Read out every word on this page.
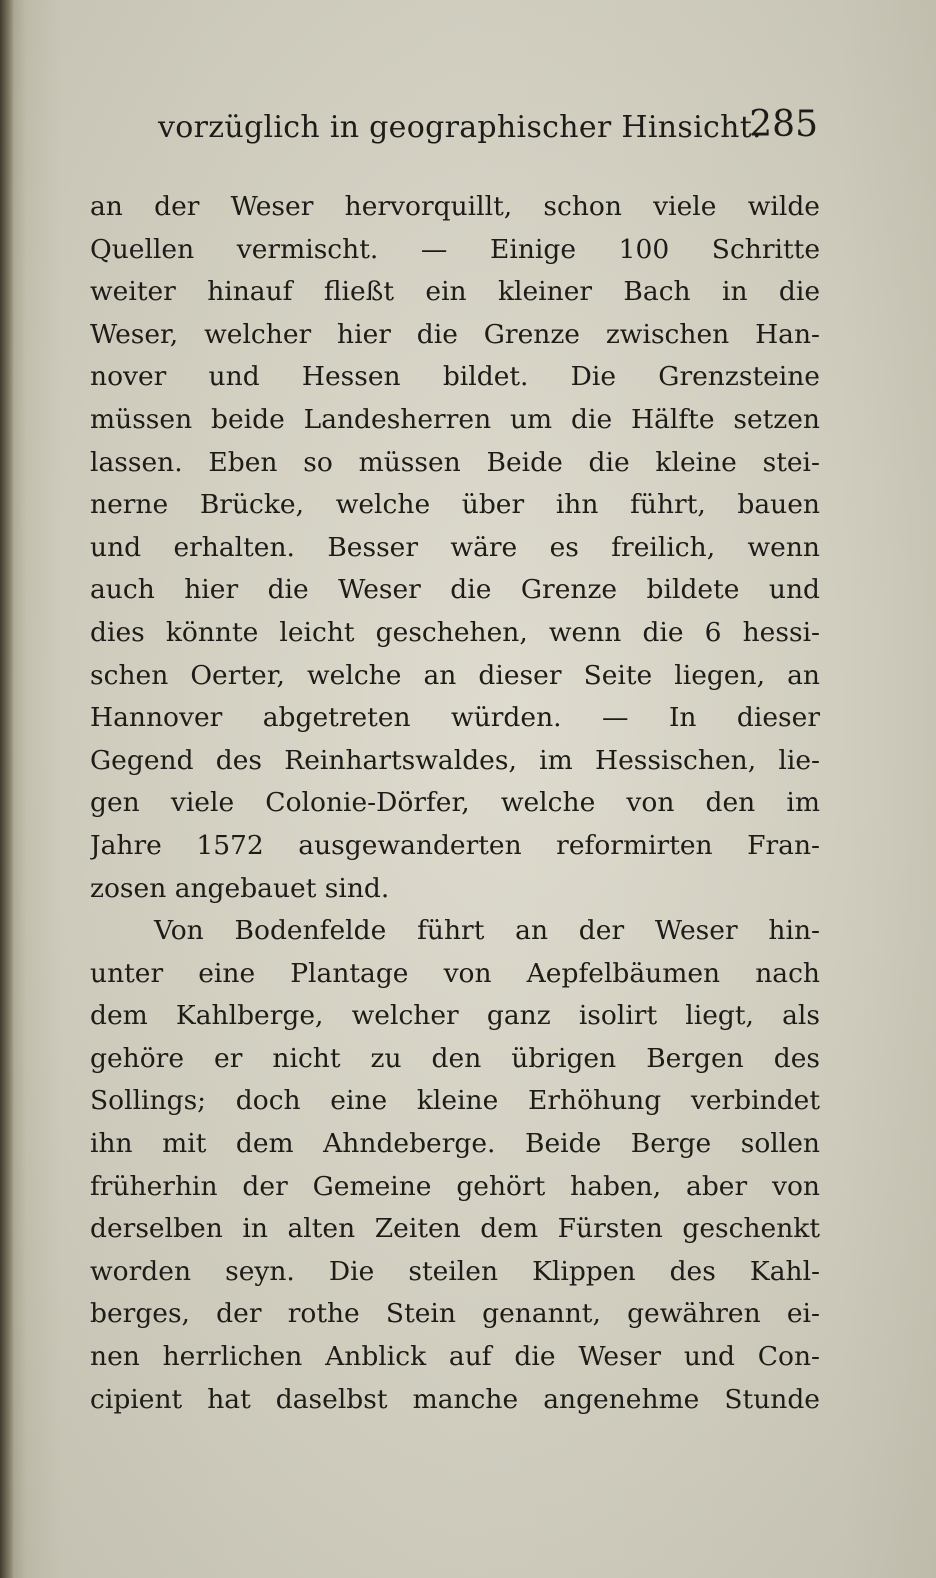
vorzüglich in geographischer Hinsicht.
285
an der Weser hervorquillt, schon viele wilde
Quellen vermischt. — Einige 100 Schritte
weiter hinauf fließt ein kleiner Bach in die
Weser, welcher hier die Grenze zwischen Han-
nover und Hessen bildet. Die Grenzsteine
müssen beide Landesherren um die Hälfte setzen
lassen. Eben so müssen Beide die kleine stei-
nerne Brücke, welche über ihn führt, bauen
und erhalten. Besser wäre es freilich, wenn
auch hier die Weser die Grenze bildete und
dies könnte leicht geschehen, wenn die 6 hessi-
schen Oerter, welche an dieser Seite liegen, an
Hannover abgetreten würden. — In dieser
Gegend des Reinhartswaldes, im Hessischen, lie-
gen viele Colonie-Dörfer, welche von den im
Jahre 1572 ausgewanderten reformirten Fran-
zosen angebauet sind.
Von Bodenfelde führt an der Weser hin-
unter eine Plantage von Aepfelbäumen nach
dem Kahlberge, welcher ganz isolirt liegt, als
gehöre er nicht zu den übrigen Bergen des
Sollings; doch eine kleine Erhöhung verbindet
ihn mit dem Ahndeberge. Beide Berge sollen
früherhin der Gemeine gehört haben, aber von
derselben in alten Zeiten dem Fürsten geschenkt
worden seyn. Die steilen Klippen des Kahl-
berges, der rothe Stein genannt, gewähren ei-
nen herrlichen Anblick auf die Weser und Con-
cipient hat daselbst manche angenehme Stunde
